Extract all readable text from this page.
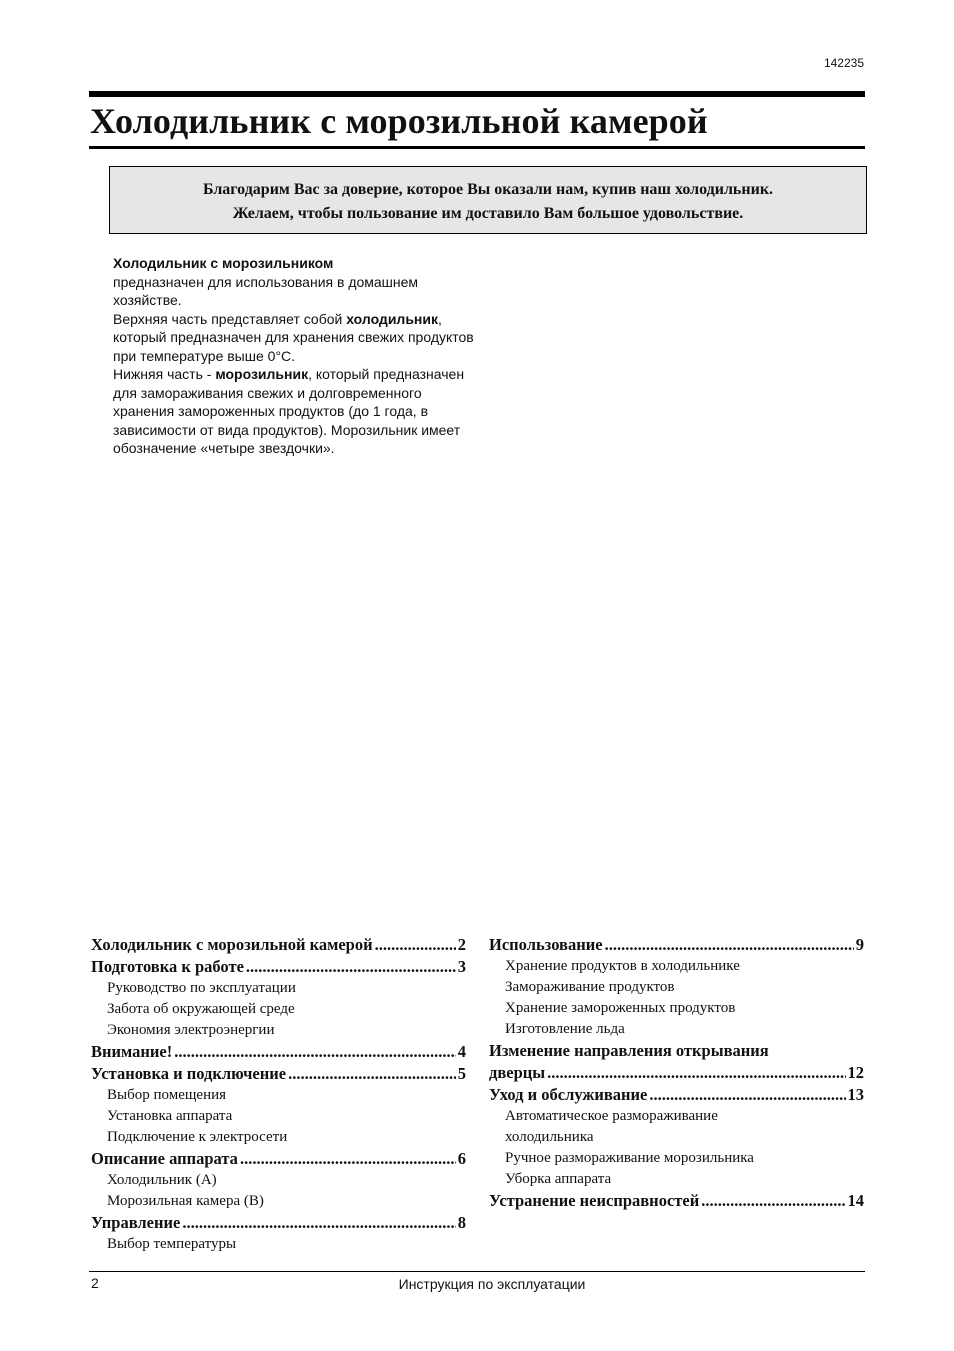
142235
Холодильник с морозильной камерой
Благодарим Вас за доверие, которое Вы оказали нам, купив наш холодильник.
Желаем, чтобы пользование им доставило Вам большое удовольствие.

Холодильник с морозильником

предназначен для использования в домашнем хозяйстве.

Верхняя часть представляет собой холодильник, который предназначен для хранения свежих продуктов при температуре выше 0°C.

Нижняя часть - морозильник, который предназначен для замораживания свежих и долговременного хранения замороженных продуктов (до 1 года, в зависимости от вида продуктов). Морозильник имеет обозначение «четыре звездочки».

Холодильник с морозильной камерой .....	2
Подготовка к работе .....	3
Руководство по эксплуатации
Забота об окружающей среде
Экономия электроэнергии
Внимание! .....	4
Установка и подключение .....	5
Выбор помещения
Установка аппарата
Подключение к электросети
Описание аппарата .....	6
Холодильник (A)
Морозильная камера (B)
Управление .....	8
Выбор температуры
Использование .....	9
Хранение продуктов в холодильнике
Замораживание продуктов
Хранение замороженных продуктов
Изготовление льда
Изменение направления открывания
дверцы .....	12
Уход и обслуживание .....	13
Автоматическое размораживание
холодильника
Ручное размораживание морозильника
Уборка аппарата
Устранение неисправностей .....	14
2	Инструкция по эксплуатации
